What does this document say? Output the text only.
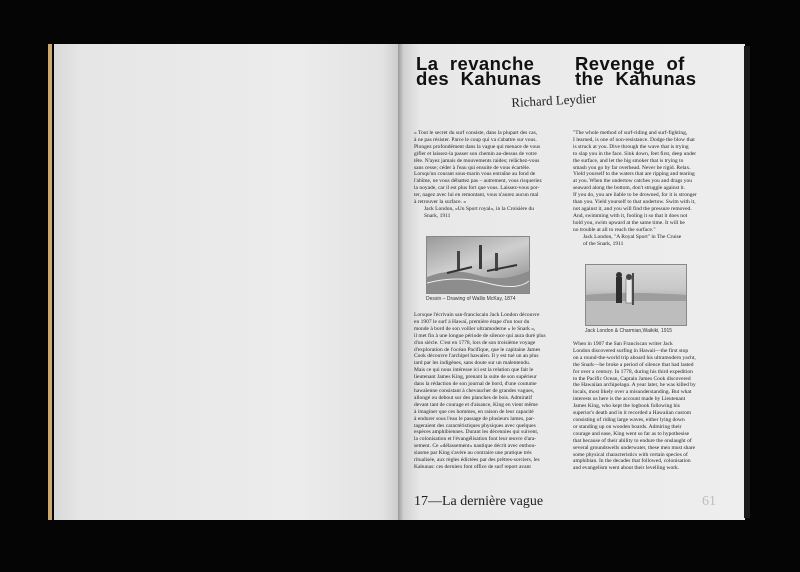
La revanche
des Kahunas
Revenge of
the Kahunas
Richard Leydier

« Tout le secret du surf consiste, dans la plupart des cas,

à ne pas résister. Parce le coup qui va s'abattre sur vous.

Plongez profondément dans la vague qui menace de vous

gifler et laissez-la passer son chemin au-dessus de votre

tête. N'ayez jamais de mouvements raides; relâchez-vous

sans cesse; céder à l'eau qui ensuite de vous écartèle.

Lorsqu'un courant sous-marin vous entraîne au fond de

l'abîme, ne vous débattez pas – autrement, vous risqueriez

la noyade, car il est plus fort que vous. Laissez-vous por-

ter, nagez avec lui en remontant, vous n'aurez aucun mal

à retrouver la surface. »

Jack London, «Un Sport royal», in la Croisière du

Snark, 1911

Dessin – Drawing of Wallis McKay, 1874

Lorsque l'écrivain san-franciscain Jack London découvre

en 1907 le surf à Hawaï, première étape d'un tour du

monde à bord de son voilier ultramoderne « le Snark »,

il met fin à une longue période de silence qui aura duré plus

d'un siècle. C'est en 1778, lors de son troisième voyage

d'exploration de l'océan Pacifique, que le capitaine James

Cook découvre l'archipel hawaïen. Il y est tué un an plus

tard par les indigènes, sans doute sur un malentendu.

Mais ce qui nous intéresse ici est la relation que fait le

lieutenant James King, prenant la suite de son supérieur

dans la rédaction de son journal de bord, d'une coutume

hawaïenne consistant à chevaucher de grandes vagues,

allongé ou debout sur des planches de bois. Admiratif

devant tant de courage et d'aisance, King en vient même

à imaginer que ces hommes, en raison de leur capacité

à endurer sous l'eau le passage de plusieurs lames, par-

tageraient des caractéristiques physiques avec quelques

espèces amphibiennes. Durant les décennies qui suivent,

la colonisation et l'évangélisation font leur œuvre d'ara-

sement. Ce «délassement» nautique décrit avec enthou-

siasme par King s'avère au contraire une pratique très

ritualisée, aux règles édictées par des prêtres-sorciers, les

Kahunas: ces derniers font office de surf report avant

"The whole method of surf-riding and surf-fighting,

I learned, is one of non-resistance. Dodge the blow that

is struck at you. Dive through the wave that is trying

to slap you in the face. Sink down, feet first, deep under

the surface, and let the big smoker that is trying to

smash you go by far overhead. Never be rigid. Relax.

Yield yourself to the waters that are ripping and tearing

at you. When the undertow catches you and drags you

seaward along the bottom, don't struggle against it.

If you do, you are liable to be drowned, for it is stronger

than you. Yield yourself to that undertow. Swim with it,

not against it, and you will find the pressure removed.

And, swimming with it, fooling it so that it does not

hold you, swim upward at the same time. It will be

no trouble at all to reach the surface."

Jack London, "A Royal Sport" in The Cruise

of the Snark, 1911

Jack London & Charmian,Waikiki, 1915

When in 1907 the San Franciscan writer Jack

London discovered surfing in Hawaii—the first stop

on a round-the-world trip aboard his ultramodern yacht,

the Snark—he broke a period of silence that had lasted

for over a century. In 1778, during his third expedition

to the Pacific Ocean, Captain James Cook discovered

the Hawaiian archipelago. A year later, he was killed by

locals, most likely over a misunderstanding. But what

interests us here is the account made by Lieutenant

James King, who kept the logbook following his

superior's death and in it recorded a Hawaiian custom

consisting of riding large waves, either lying down

or standing up on wooden boards. Admiring their

courage and ease, King went so far as to hypothesise

that because of their ability to endure the onslaught of

several groundswells underwater, these men must share

some physical characteristics with certain species of

amphibian. In the decades that followed, colonisation

and evangelism went about their levelling work.

17—La dernière vague	61
